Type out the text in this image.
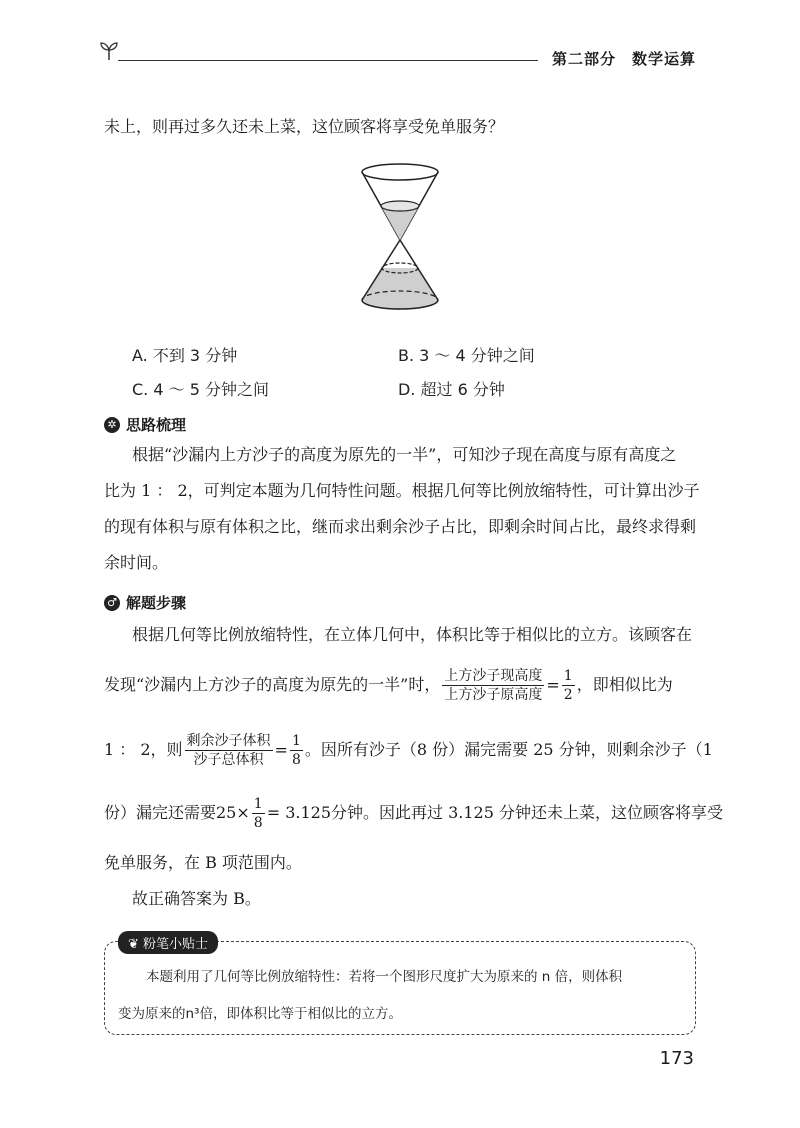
第二部分　数学运算
未上，则再过多久还未上菜，这位顾客将享受免单服务？
A. 不到 3 分钟	B. 3 ～ 4 分钟之间
C. 4 ～ 5 分钟之间	D. 超过 6 分钟
✲ 思路梳理
根据“沙漏内上方沙子的高度为原先的一半”，可知沙子现在高度与原有高度之
比为 1 ： 2，可判定本题为几何特性问题。根据几何等比例放缩特性，可计算出沙子
的现有体积与原有体积之比，继而求出剩余沙子占比，即剩余时间占比，最终求得剩
余时间。
♂ 解题步骤
根据几何等比例放缩特性，在立体几何中，体积比等于相似比的立方。该顾客在
发现“沙漏内上方沙子的高度为原先的一半”时， $\frac{\text{上方沙子现高度}}{\text{上方沙子原高度}} = \frac{1}{2}$ ，即相似比为
1 ： 2，则 $\frac{\text{剩余沙子体积}}{\text{沙子总体积}} = \frac{1}{8}$ 。因所有沙子（8 份）漏完需要 25 分钟，则剩余沙子（1
份）漏完还需要$25\times \frac{1}{8} = 3.125$分钟。因此再过 3.125 分钟还未上菜，这位顾客将享受
免单服务，在 B 项范围内。
故正确答案为 B。
❦ 粉笔小贴士
本题利用了几何等比例放缩特性：若将一个图形尺度扩大为原来的 n 倍，则体积
变为原来的n³倍，即体积比等于相似比的立方。
173
